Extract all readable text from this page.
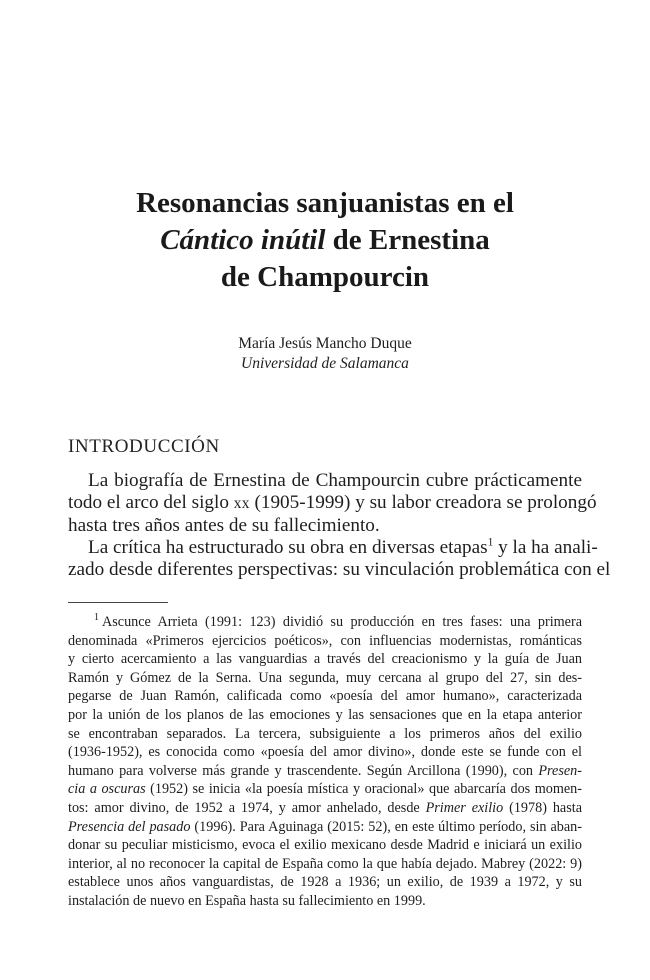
Resonancias sanjuanistas en el
Cántico inútil de Ernestina
de Champourcin
María Jesús Mancho Duque
Universidad de Salamanca
INTRODUCCIÓN
La biografía de Ernestina de Champourcin cubre prácticamente
todo el arco del siglo xx (1905-1999) y su labor creadora se prolongó
hasta tres años antes de su fallecimiento.
La crítica ha estructurado su obra en diversas etapas$^1$ y la ha anali-
zado desde diferentes perspectivas: su vinculación problemática con el
$^1$ Ascunce Arrieta (1991: 123) dividió su producción en tres fases: una primera
denominada «Primeros ejercicios poéticos», con influencias modernistas, románticas
y cierto acercamiento a las vanguardias a través del creacionismo y la guía de Juan
Ramón y Gómez de la Serna. Una segunda, muy cercana al grupo del 27, sin des-
pegarse de Juan Ramón, calificada como «poesía del amor humano», caracterizada
por la unión de los planos de las emociones y las sensaciones que en la etapa anterior
se encontraban separados. La tercera, subsiguiente a los primeros años del exilio
(1936-1952), es conocida como «poesía del amor divino», donde este se funde con el
humano para volverse más grande y trascendente. Según Arcillona (1990), con Presen-
cia a oscuras (1952) se inicia «la poesía mística y oracional» que abarcaría dos momen-
tos: amor divino, de 1952 a 1974, y amor anhelado, desde Primer exilio (1978) hasta
Presencia del pasado (1996). Para Aguinaga (2015: 52), en este último período, sin aban-
donar su peculiar misticismo, evoca el exilio mexicano desde Madrid e iniciará un exilio
interior, al no reconocer la capital de España como la que había dejado. Mabrey (2022: 9)
establece unos años vanguardistas, de 1928 a 1936; un exilio, de 1939 a 1972, y su
instalación de nuevo en España hasta su fallecimiento en 1999.
